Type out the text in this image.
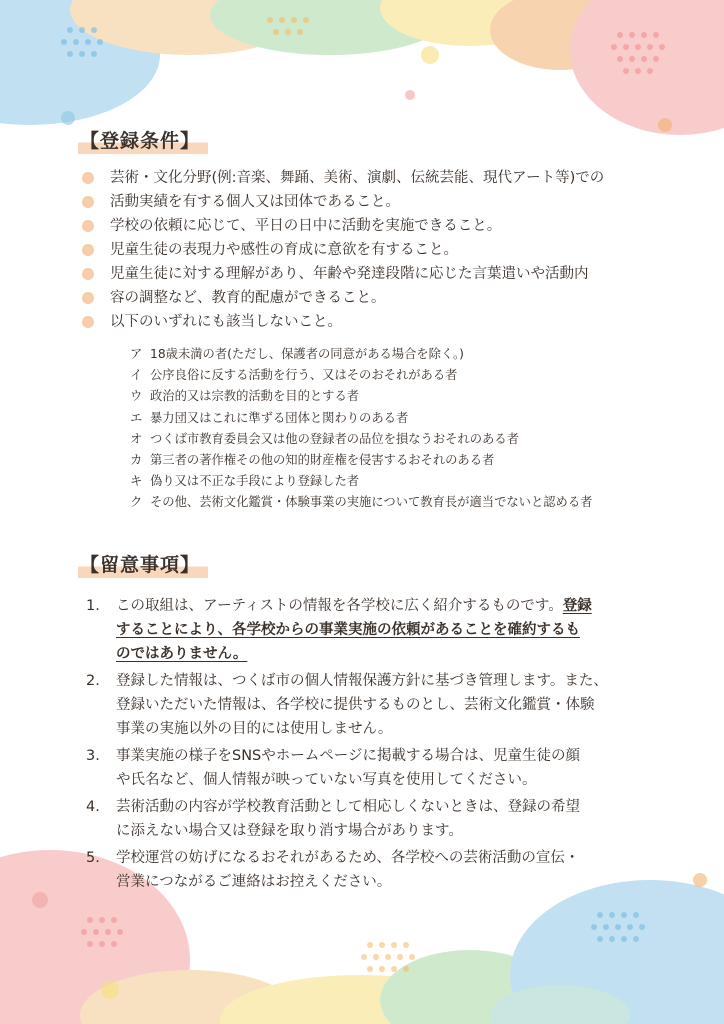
【登録条件】
芸術・文化分野(例:音楽、舞踊、美術、演劇、伝統芸能、現代アート等)での
活動実績を有する個人又は団体であること。
学校の依頼に応じて、平日の日中に活動を実施できること。
児童生徒の表現力や感性の育成に意欲を有すること。
児童生徒に対する理解があり、年齢や発達段階に応じた言葉遣いや活動内
容の調整など、教育的配慮ができること。
以下のいずれにも該当しないこと。
ア 18歳未満の者(ただし、保護者の同意がある場合を除く。)
イ 公序良俗に反する活動を行う、又はそのおそれがある者
ウ 政治的又は宗教的活動を目的とする者
エ 暴力団又はこれに準ずる団体と関わりのある者
オ つくば市教育委員会又は他の登録者の品位を損なうおそれのある者
カ 第三者の著作権その他の知的財産権を侵害するおそれのある者
キ 偽り又は不正な手段により登録した者
ク その他、芸術文化鑑賞・体験事業の実施について教育長が適当でないと認める者
【留意事項】
1. この取組は、アーティストの情報を各学校に広く紹介するものです。登録
することにより、各学校からの事業実施の依頼があることを確約するも
のではありません。
2. 登録した情報は、つくば市の個人情報保護方針に基づき管理します。また、
登録いただいた情報は、各学校に提供するものとし、芸術文化鑑賞・体験
事業の実施以外の目的には使用しません。
3. 事業実施の様子をSNSやホームページに掲載する場合は、児童生徒の顔
や氏名など、個人情報が映っていない写真を使用してください。
4. 芸術活動の内容が学校教育活動として相応しくないときは、登録の希望
に添えない場合又は登録を取り消す場合があります。
5. 学校運営の妨げになるおそれがあるため、各学校への芸術活動の宣伝・
営業につながるご連絡はお控えください。
